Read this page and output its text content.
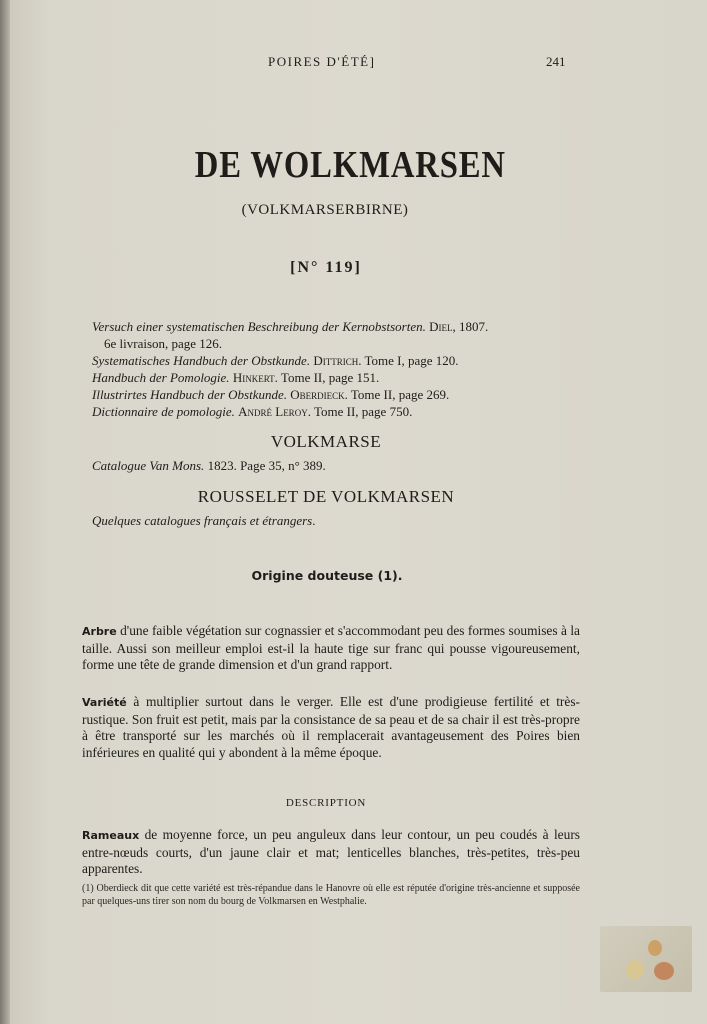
POIRES D'ÉTÉ]	241
DE WOLKMARSEN
(VOLKMARSERBIRNE)
[N° 119]
Versuch einer systematischen Beschreibung der Kernobstsorten. Diel, 1807.
6e livraison, page 126.
Systematisches Handbuch der Obstkunde. Dittrich. Tome I, page 120.
Handbuch der Pomologie. Hinkert. Tome II, page 151.
Illustrirtes Handbuch der Obstkunde. Oberdieck. Tome II, page 269.
Dictionnaire de pomologie. André Leroy. Tome II, page 750.
VOLKMARSE
Catalogue Van Mons. 1823. Page 35, n° 389.
ROUSSELET DE VOLKMARSEN
Quelques catalogues français et étrangers.
Origine douteuse (1).
Arbre d'une faible végétation sur cognassier et s'accommodant peu des formes soumises à la taille. Aussi son meilleur emploi est-il la haute tige sur franc qui pousse vigoureusement, forme une tête de grande dimension et d'un grand rapport.
Variété à multiplier surtout dans le verger. Elle est d'une prodigieuse fertilité et très-rustique. Son fruit est petit, mais par la consistance de sa peau et de sa chair il est très-propre à être transporté sur les marchés où il remplacerait avantageusement des Poires bien inférieures en qualité qui y abondent à la même époque.
DESCRIPTION
Rameaux de moyenne force, un peu anguleux dans leur contour, un peu coudés à leurs entre-nœuds courts, d'un jaune clair et mat; lenticelles blanches, très-petites, très-peu apparentes.
(1) Oberdieck dit que cette variété est très-répandue dans le Hanovre où elle est réputée d'origine très-ancienne et supposée par quelques-uns tirer son nom du bourg de Volkmarsen en Westphalie.
